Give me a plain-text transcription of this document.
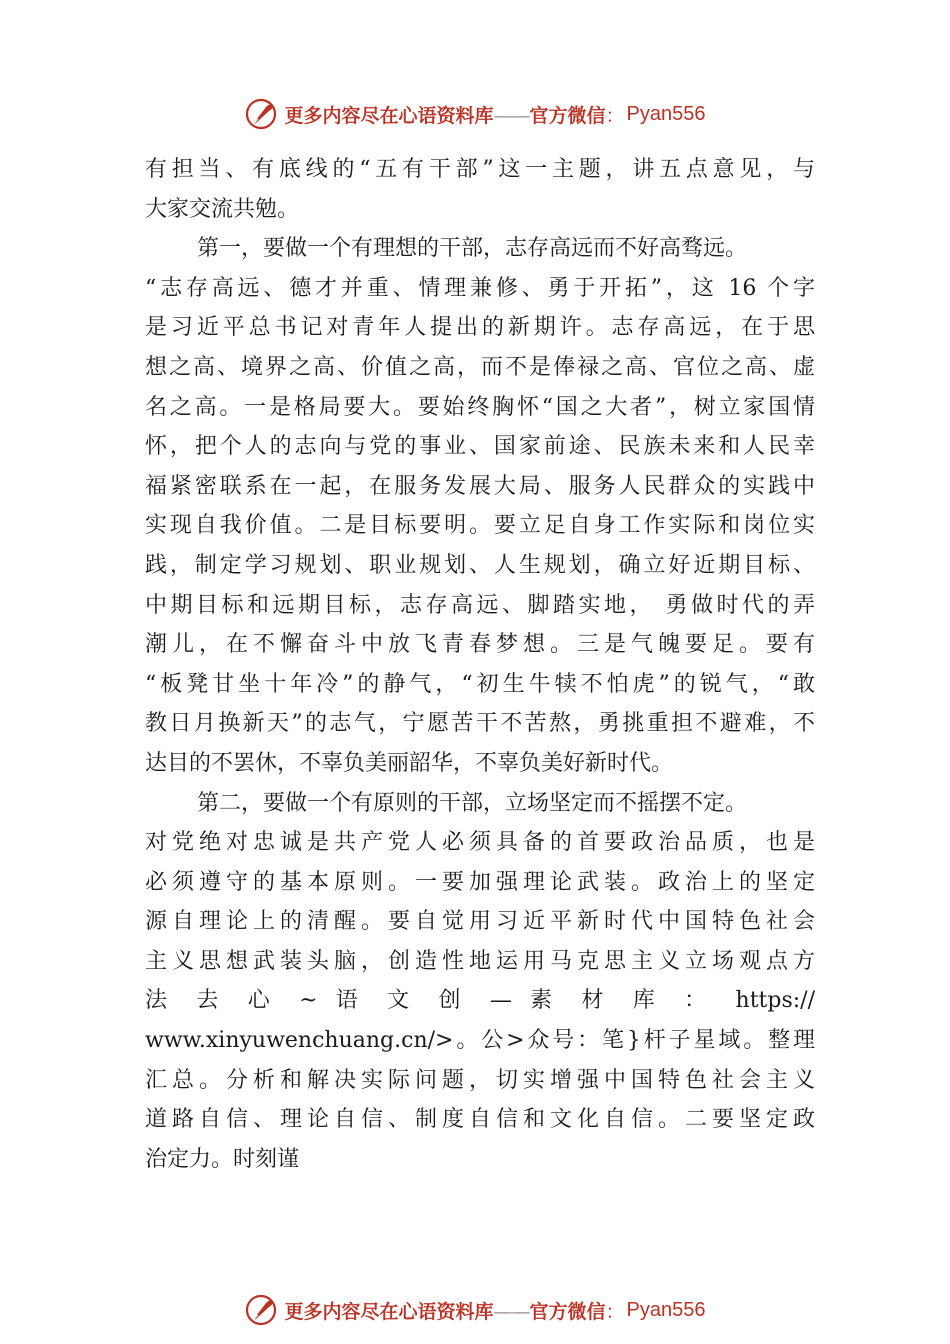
更多内容尽在心语资料库——官方微信： Pyan556
有担当、有底线的“五有干部”这一主题，讲五点意见，与
大家交流共勉。
第一，要做一个有理想的干部，志存高远而不好高骛远。
“志存高远、德才并重、情理兼修、勇于开拓”，这 16 个字
是习近平总书记对青年人提出的新期许。志存高远，在于思
想之高、境界之高、价值之高，而不是俸禄之高、官位之高、虚
名之高。一是格局要大。要始终胸怀“国之大者”，树立家国情
怀，把个人的志向与党的事业、国家前途、民族未来和人民幸
福紧密联系在一起，在服务发展大局、服务人民群众的实践中
实现自我价值。二是目标要明。要立足自身工作实际和岗位实
践，制定学习规划、职业规划、人生规划，确立好近期目标、
中期目标和远期目标，志存高远、脚踏实地， 勇做时代的弄
潮儿，在不懈奋斗中放飞青春梦想。三是气魄要足。要有
“板凳甘坐十年冷”的静气，“初生牛犊不怕虎”的锐气，“敢
教日月换新天”的志气，宁愿苦干不苦熬，勇挑重担不避难，不
达目的不罢休，不辜负美丽韶华，不辜负美好新时代。
第二，要做一个有原则的干部，立场坚定而不摇摆不定。
对党绝对忠诚是共产党人必须具备的首要政治品质，也是
必须遵守的基本原则。一要加强理论武装。政治上的坚定
源自理论上的清醒。要自觉用习近平新时代中国特色社会
主义思想武装头脑，创造性地运用马克思主义立场观点方
法 去 心 ~ 语 文 创 — 素 材 库 ： https://
www.xinyuwenchuang.cn/>。公>众号：笔}杆子星域。整理
汇总。分析和解决实际问题，切实增强中国特色社会主义
道路自信、理论自信、制度自信和文化自信。二要坚定政
治定力。时刻谨
更多内容尽在心语资料库——官方微信： Pyan556
